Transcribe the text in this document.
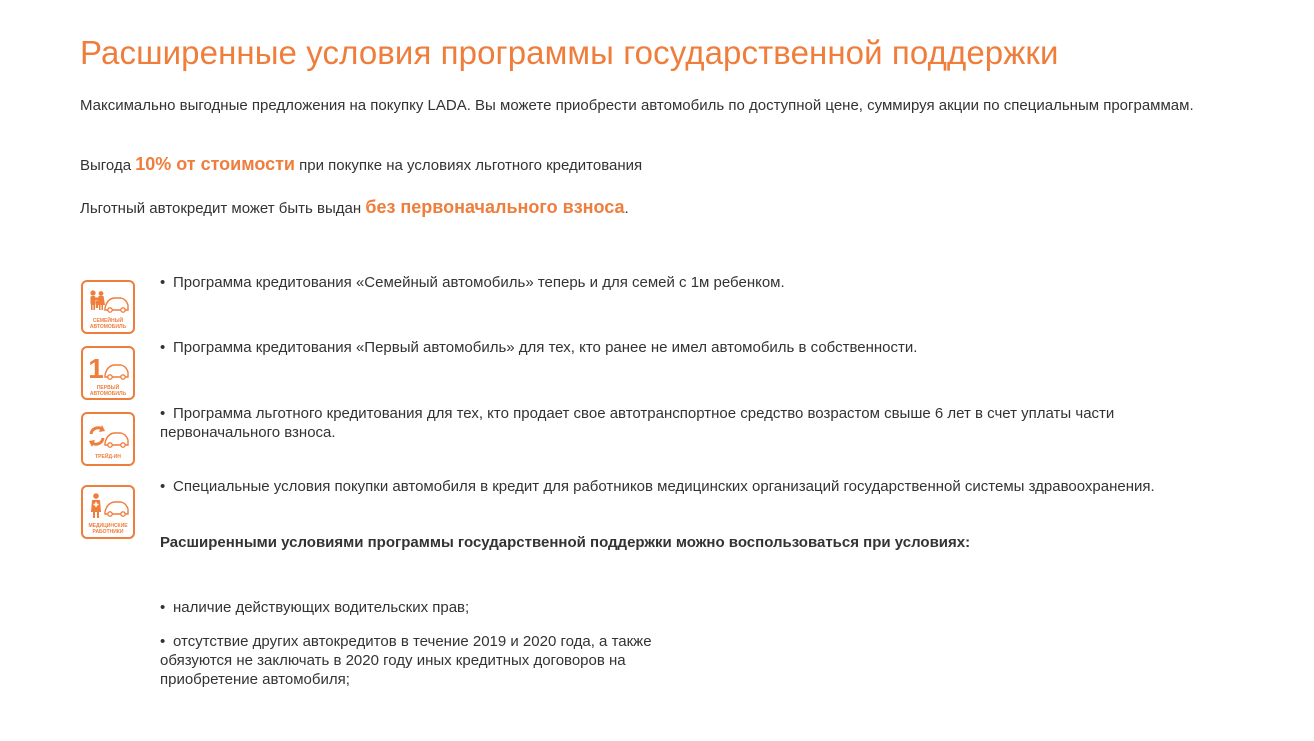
Расширенные условия программы государственной поддержки

Максимально выгодные предложения на покупку LADA. Вы можете приобрести автомобиль по доступной цене, суммируя акции по специальным программам.

Выгода 10% от стоимости при покупке на условиях льготного кредитования

Льготный автокредит может быть выдан без первоначального взноса.

СЕМЕЙНЫЙ
АВТОМОБИЛЬ

• Программа кредитования «Семейный автомобиль» теперь и для семей с 1м ребенком.

1
ПЕРВЫЙ
АВТОМОБИЛЬ

• Программа кредитования «Первый автомобиль» для тех, кто ранее не имел автомобиль в собственности.

ТРЕЙД-ИН

• Программа льготного кредитования для тех, кто продает свое автотранспортное средство возрастом свыше 6 лет в счет уплаты части первоначального взноса.

МЕДИЦИНСКИЕ
РАБОТНИКИ

• Специальные условия покупки автомобиля в кредит для работников медицинских организаций государственной системы здравоохранения.

Расширенными условиями программы государственной поддержки можно воспользоваться при условиях:

• наличие действующих водительских прав;

• отсутствие других автокредитов в течение 2019 и 2020 года, а также обязуются не заключать в 2020 году иных кредитных договоров на приобретение автомобиля;
